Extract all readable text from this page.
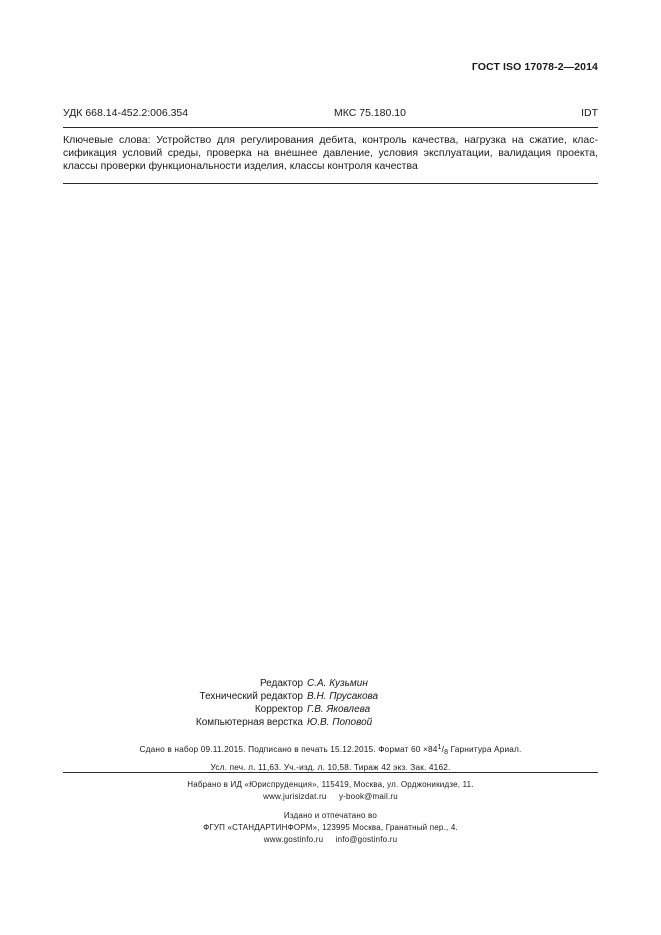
ГОСТ ISO 17078-2—2014
УДК 668.14-452.2:006.354	МКС 75.180.10	IDT
Ключевые слова: Устройство для регулирования дебита, контроль качества, нагрузка на сжатие, клас-
сификация условий среды, проверка на внешнее давление, условия эксплуатации, валидация проекта,
классы проверки функциональности изделия, классы контроля качества
Редактор С.А. Кузьмин
Технический редактор В.Н. Прусакова
Корректор Г.В. Яковлева
Компьютерная верстка Ю.В. Поповой
Сдано в набор 09.11.2015. Подписано в печать 15.12.2015. Формат $60 \times 84^1/_8$ Гарнитура Ариал.
Усл. печ. л. 11,63. Уч.-изд. л. 10,58. Тираж 42 экз. Зак. 4162.
Набрано в ИД «Юриспруденция», 115419, Москва, ул. Орджоникидзе, 11.
www.jurisizdat.ru y-book@mail.ru
Издано и отпечатано во
ФГУП «СТАНДАРТИНФОРМ», 123995 Москва, Гранатный пер., 4.
www.gostinfo.ru info@gostinfo.ru
